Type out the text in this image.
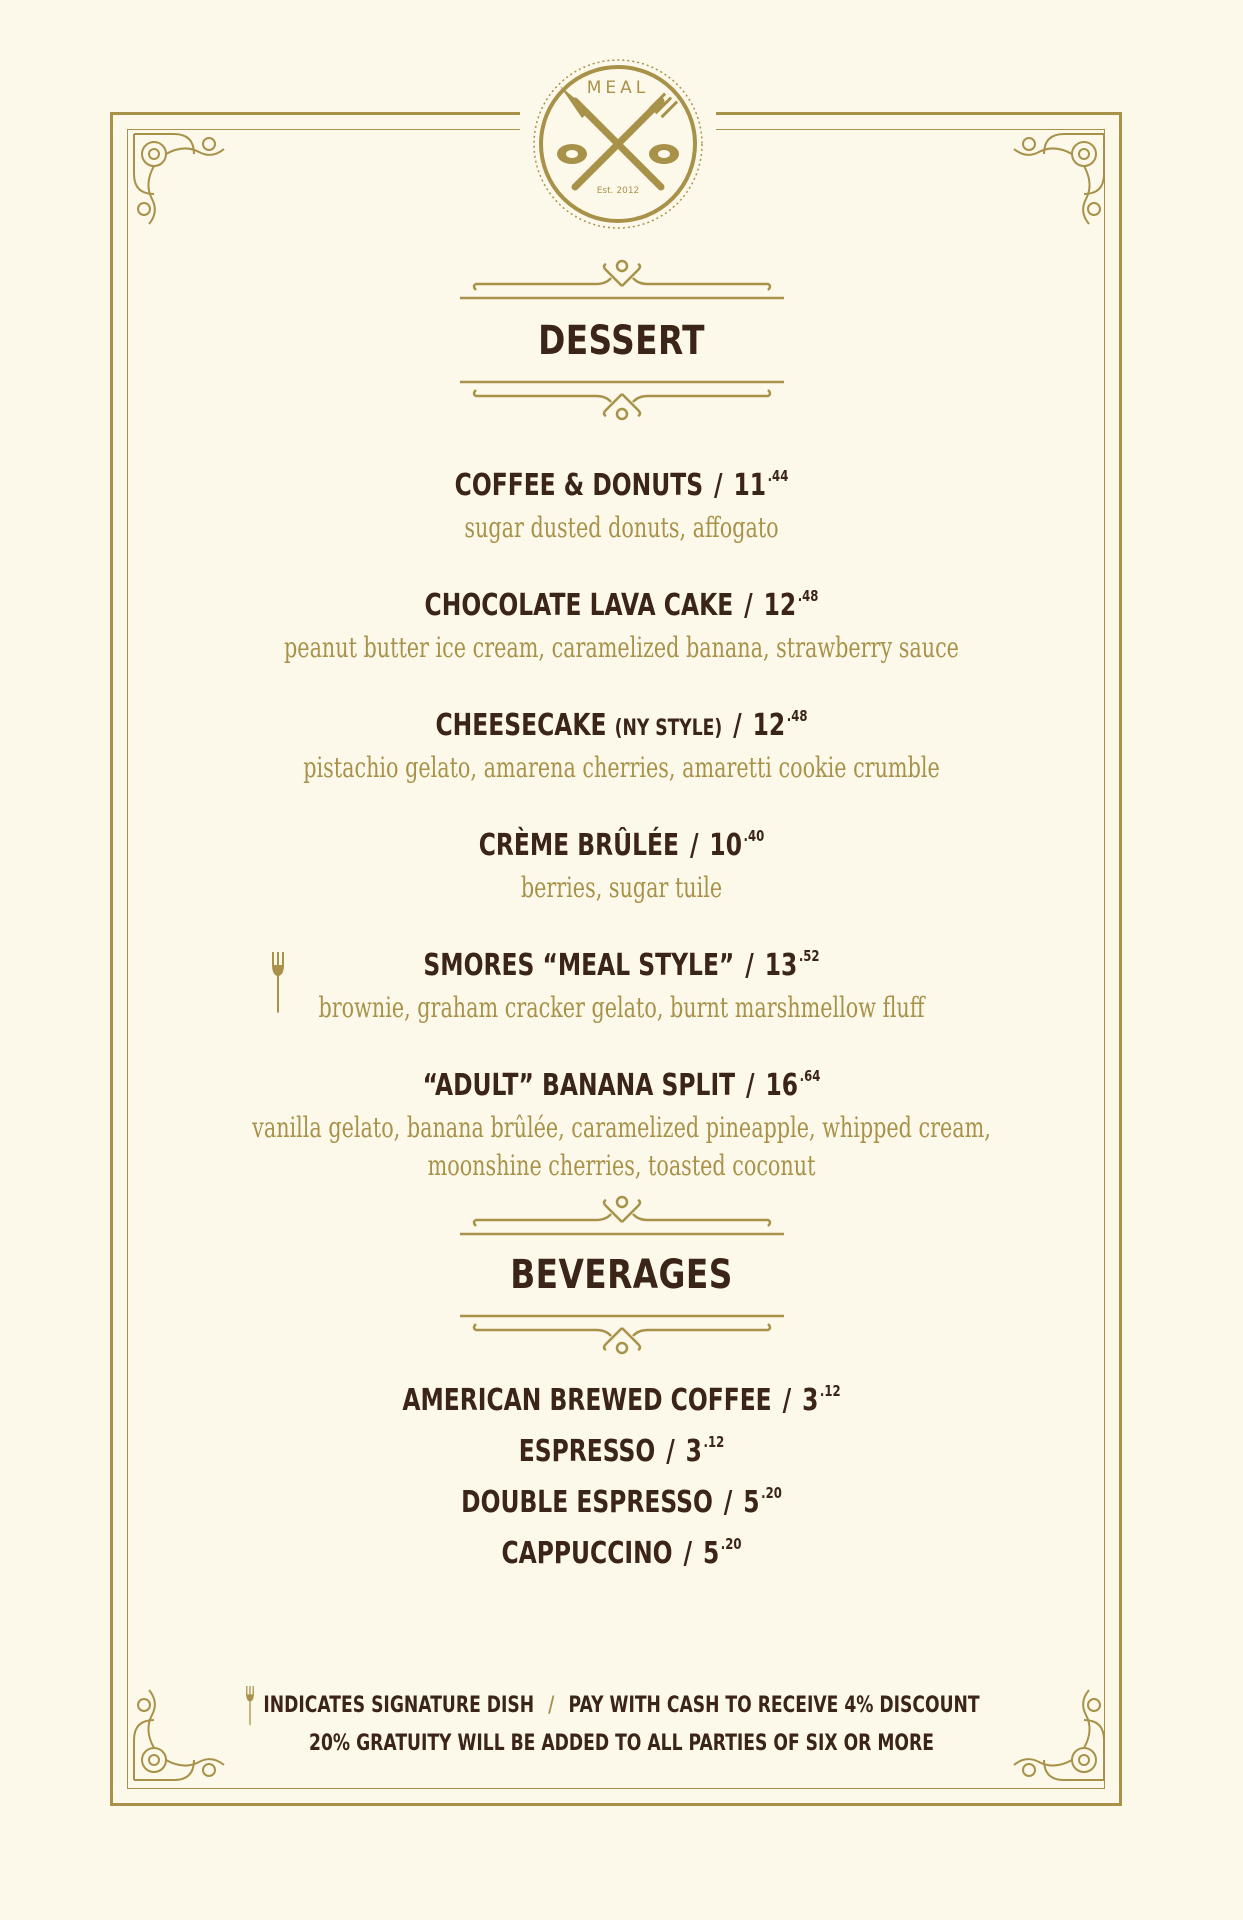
MEAL
Est. 2012
DESSERT
COFFEE & DONUTS / 11 $^{.44}$
sugar dusted donuts, affogato
CHOCOLATE LAVA CAKE / 12 $^{.48}$
peanut butter ice cream, caramelized banana, strawberry sauce
CHEESECAKE (NY STYLE) / 12 $^{.48}$
pistachio gelato, amarena cherries, amaretti cookie crumble
CRÈME BRÛLÉE / 10 $^{.40}$
berries, sugar tuile
SMORES “MEAL STYLE” / 13 $^{.52}$
brownie, graham cracker gelato, burnt marshmellow fluff
“ADULT” BANANA SPLIT / 16 $^{.64}$
vanilla gelato, banana brûlée, caramelized pineapple, whipped cream,
moonshine cherries, toasted coconut
BEVERAGES
AMERICAN BREWED COFFEE / 3 $^{.12}$
ESPRESSO / 3 $^{.12}$
DOUBLE ESPRESSO / 5 $^{.20}$
CAPPUCCINO / 5 $^{.20}$
INDICATES SIGNATURE DISH / PAY WITH CASH TO RECEIVE 4% DISCOUNT
20% GRATUITY WILL BE ADDED TO ALL PARTIES OF SIX OR MORE
